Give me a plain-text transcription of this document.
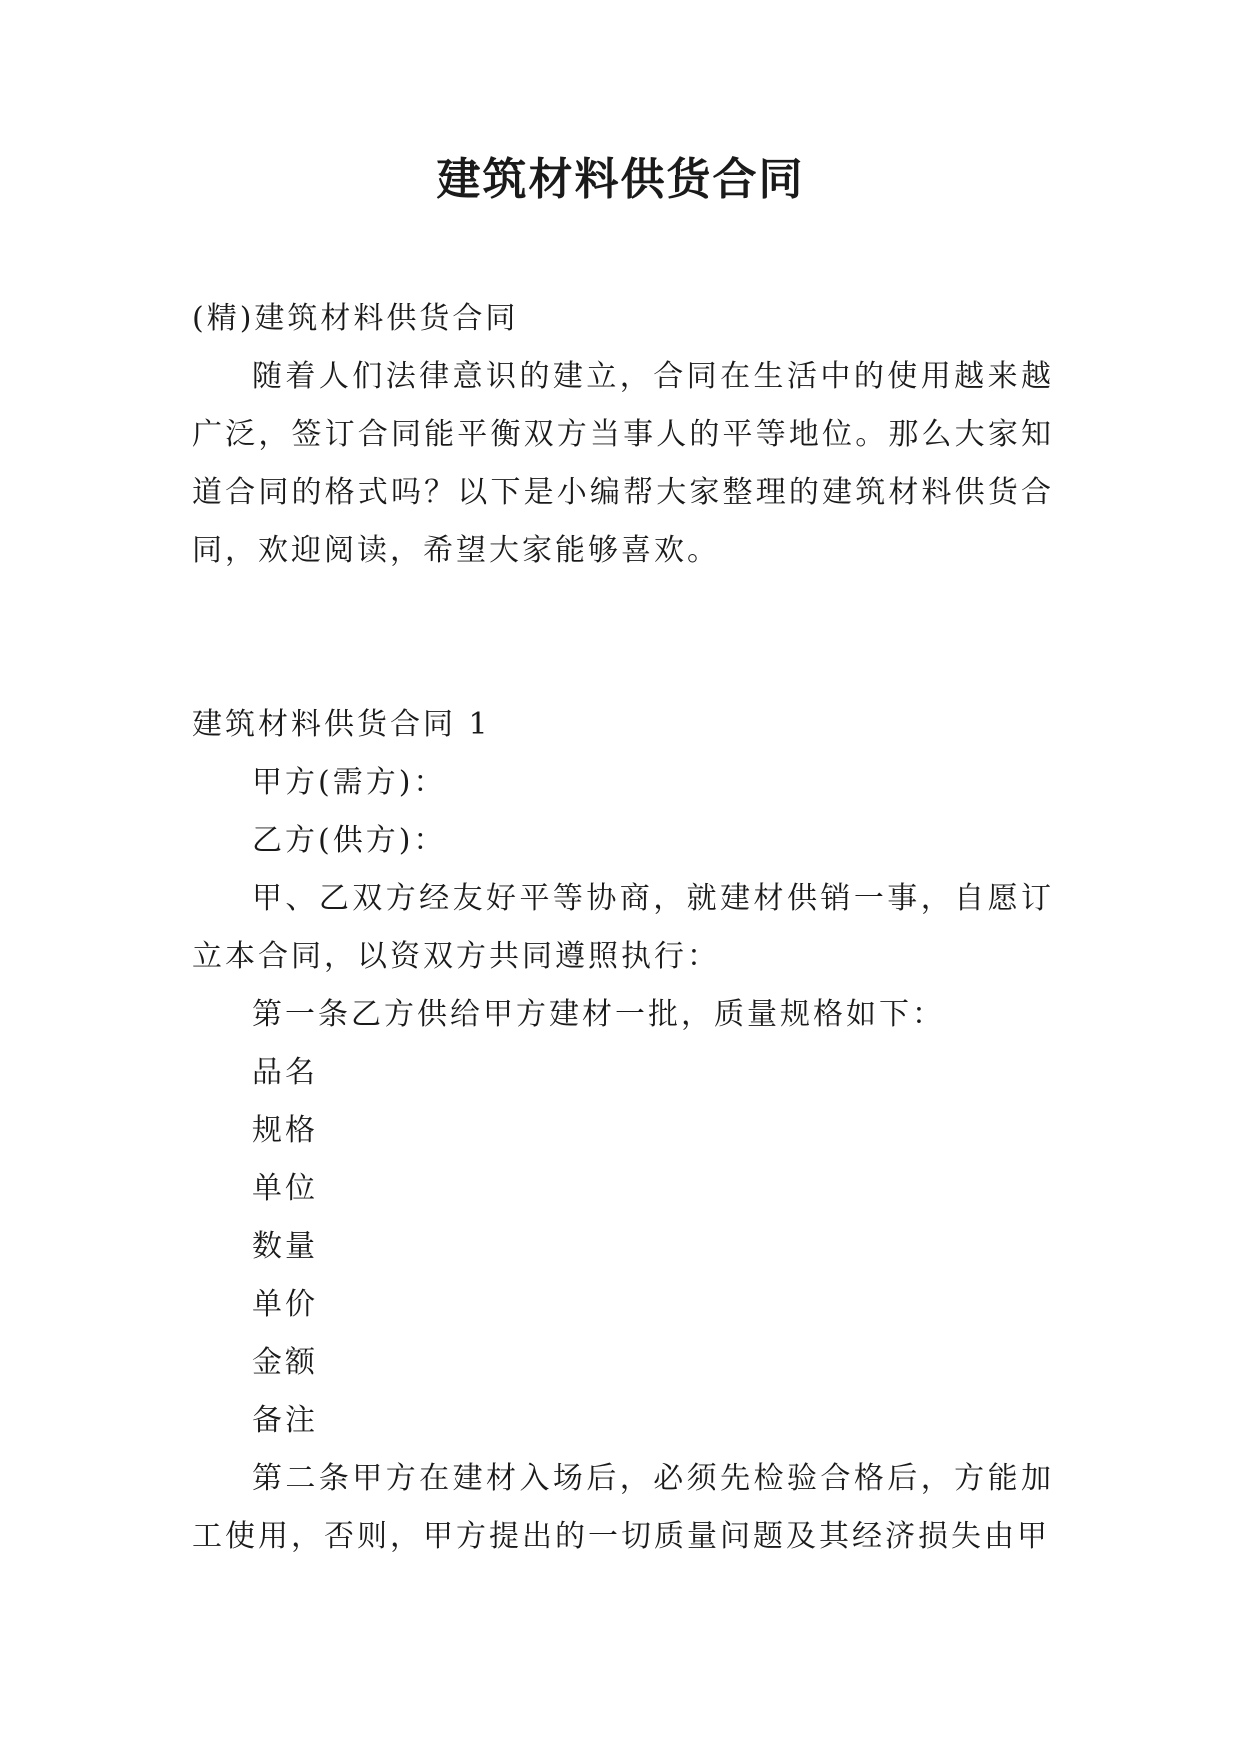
建筑材料供货合同

(精)建筑材料供货合同

随着人们法律意识的建立，合同在生活中的使用越来越广泛，签订合同能平衡双方当事人的平等地位。那么大家知道合同的格式吗？以下是小编帮大家整理的建筑材料供货合同，欢迎阅读，希望大家能够喜欢。

建筑材料供货合同 1

甲方(需方)：

乙方(供方)：

甲、乙双方经友好平等协商，就建材供销一事，自愿订立本合同，以资双方共同遵照执行：

第一条乙方供给甲方建材一批，质量规格如下：

品名

规格

单位

数量

单价

金额

备注

第二条甲方在建材入场后，必须先检验合格后，方能加工使用，否则，甲方提出的一切质量问题及其经济损失由甲
